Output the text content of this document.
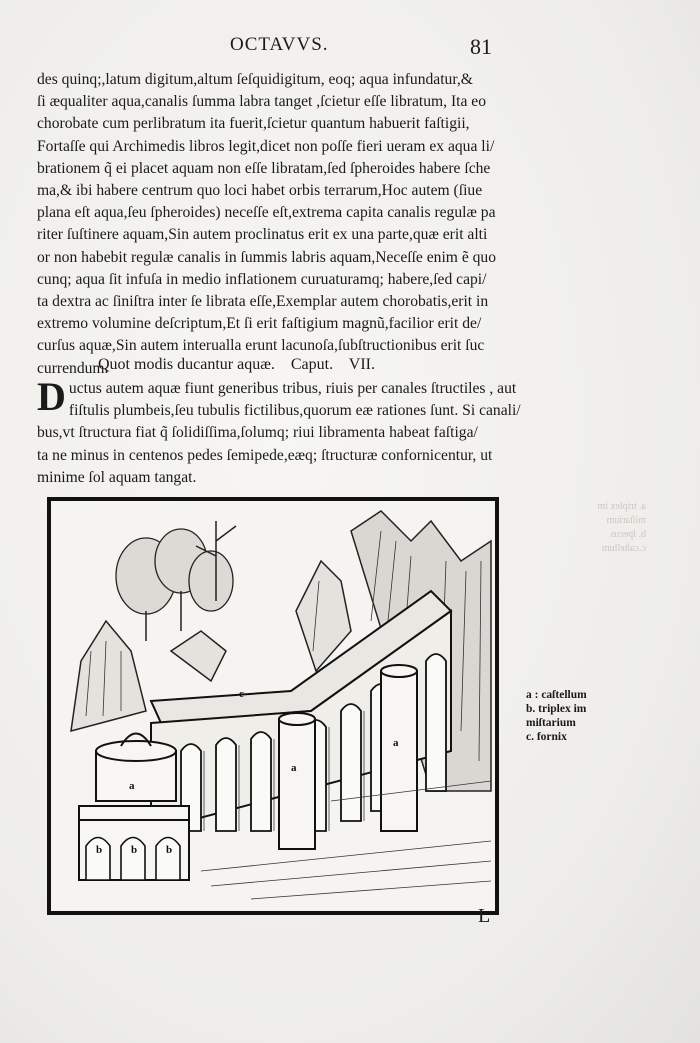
OCTAVVS.	81
des quinq;,latum digitum,altum ſeſquidigitum, eoq; aqua infundatur,&
ſi æqualiter aqua,canalis ſumma labra tanget ,ſcietur eſſe libratum, Ita eo
chorobate cum perlibratum ita fuerit,ſcietur quantum habuerit faſtigii,
Fortaſſe qui Archimedis libros legit,dicet non poſſe fieri ueram ex aqua li/
brationem q̃ ei placet aquam non eſſe libratam,ſed ſpheroides habere ſche
ma,& ibi habere centrum quo loci habet orbis terrarum,Hoc autem (ſiue
plana eſt aqua,ſeu ſpheroides) neceſſe eſt,extrema capita canalis regulæ pa
riter ſuſtinere aquam,Sin autem proclinatus erit ex una parte,quæ erit alti
or non habebit regulæ canalis in ſummis labris aquam,Neceſſe enim ẽ quo
cunq; aqua ſit infuſa in medio inflationem curuaturamq; habere,ſed capi/
ta dextra ac ſiniſtra inter ſe librata eſſe,Exemplar autem chorobatis,erit in
extremo volumine deſcriptum,Et ſi erit faſtigium magnũ,facilior erit de/
curſus aquæ,Sin autem interualla erunt lacunoſa,ſubſtructionibus erit ſuc
currendum.
Quot modis ducantur aquæ.    Caput.    VII.
D uctus autem aquæ fiunt generibus tribus, riuis per canales ſtructiles , aut
fiſtulis plumbeis,ſeu tubulis fictilibus,quorum eæ rationes ſunt. Si canali/
bus,vt ſtructura fiat q̃ ſolidiſſima,ſolumq; riui libramenta habeat faſtiga/
ta ne minus in centenos pedes ſemipede,eæq; ſtructuræ confornicentur, ut
minime ſol aquam tangat.
a. triplex im
miſtarium
b. ſpecus
c.caſtellum
a
a
a
b	b	b
c	a : caſtellum
b. triplex im
miſtarium
c. fornix
L
